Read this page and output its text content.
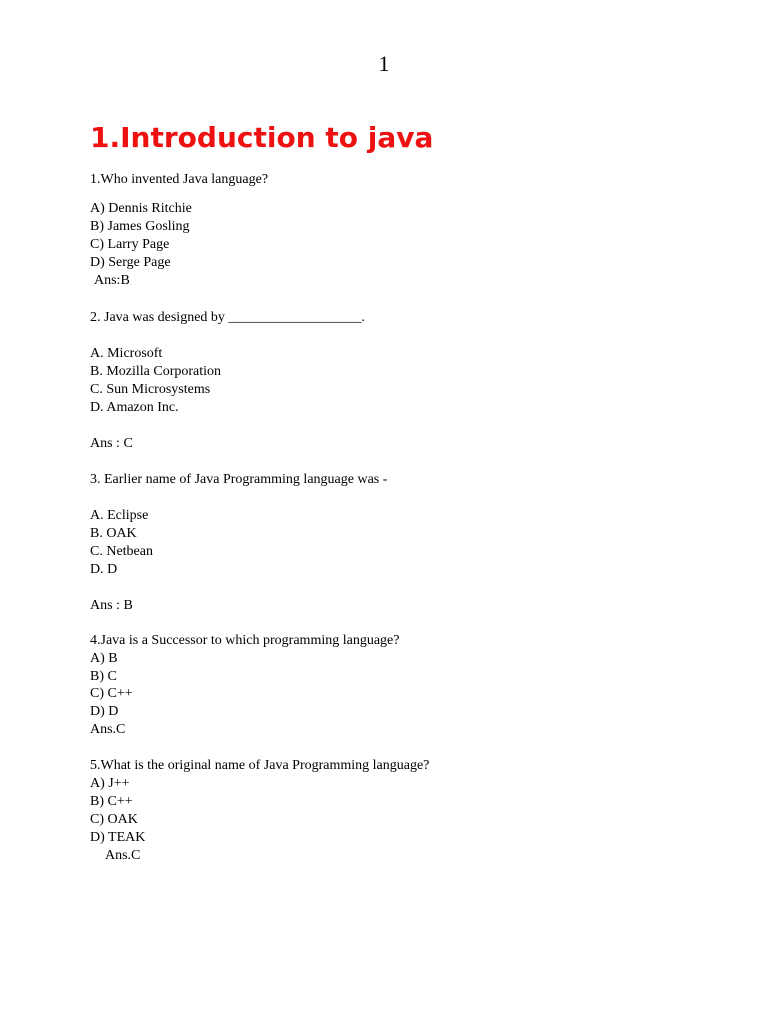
1
1.Introduction to java
1.Who invented Java language?
A) Dennis Ritchie
B) James Gosling
C) Larry Page
D) Serge Page
Ans:B
2. Java was designed by ___________________.
A. Microsoft
B. Mozilla Corporation
C. Sun Microsystems
D. Amazon Inc.
Ans : C
3. Earlier name of Java Programming language was -
A. Eclipse
B. OAK
C. Netbean
D. D
Ans : B
4.Java is a Successor to which programming language?
A) B
B) C
C) C++
D) D
Ans.C
5.What is the original name of Java Programming language?
A) J++
B) C++
C) OAK
D) TEAK
Ans.C
